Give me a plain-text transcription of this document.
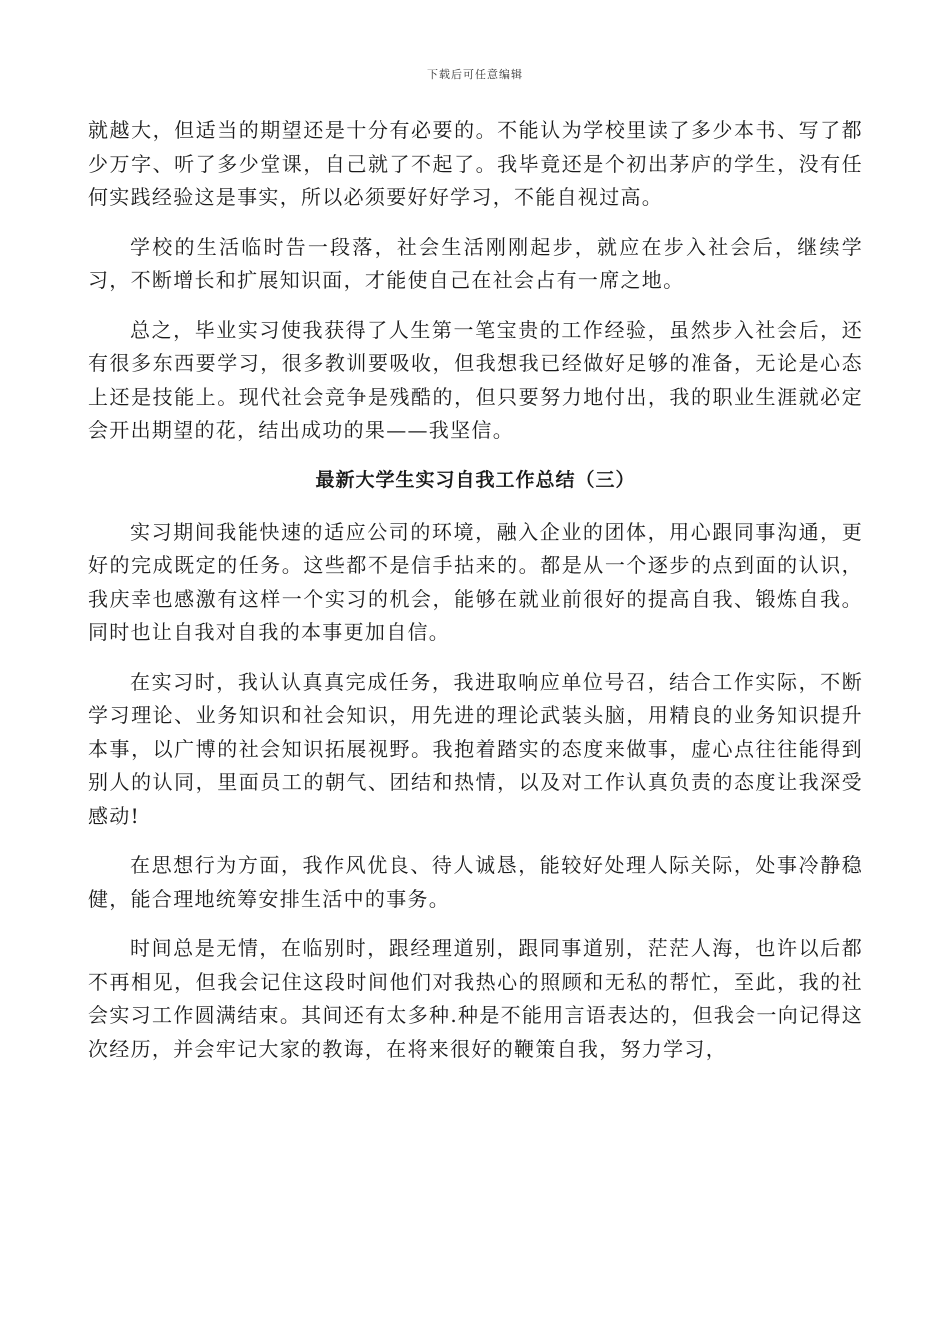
下载后可任意编辑

就越大，但适当的期望还是十分有必要的。不能认为学校里读了多少本书、写了都少万字、听了多少堂课，自己就了不起了。我毕竟还是个初出茅庐的学生，没有任何实践经验这是事实，所以必须要好好学习，不能自视过高。

学校的生活临时告一段落，社会生活刚刚起步，就应在步入社会后，继续学习，不断增长和扩展知识面，才能使自己在社会占有一席之地。

总之，毕业实习使我获得了人生第一笔宝贵的工作经验，虽然步入社会后，还有很多东西要学习，很多教训要吸收，但我想我已经做好足够的准备，无论是心态上还是技能上。现代社会竞争是残酷的，但只要努力地付出，我的职业生涯就必定会开出期望的花，结出成功的果——我坚信。

最新大学生实习自我工作总结（三）

实习期间我能快速的适应公司的环境，融入企业的团体，用心跟同事沟通，更好的完成既定的任务。这些都不是信手拈来的。都是从一个逐步的点到面的认识，我庆幸也感激有这样一个实习的机会，能够在就业前很好的提高自我、锻炼自我。同时也让自我对自我的本事更加自信。

在实习时，我认认真真完成任务，我进取响应单位号召，结合工作实际，不断学习理论、业务知识和社会知识，用先进的理论武装头脑，用精良的业务知识提升本事，以广博的社会知识拓展视野。我抱着踏实的态度来做事，虚心点往往能得到别人的认同，里面员工的朝气、团结和热情，以及对工作认真负责的态度让我深受感动!

在思想行为方面，我作风优良、待人诚恳，能较好处理人际关际，处事冷静稳健，能合理地统筹安排生活中的事务。

时间总是无情，在临别时，跟经理道别，跟同事道别，茫茫人海，也许以后都不再相见，但我会记住这段时间他们对我热心的照顾和无私的帮忙，至此，我的社会实习工作圆满结束。其间还有太多种.种是不能用言语表达的，但我会一向记得这次经历，并会牢记大家的教诲，在将来很好的鞭策自我，努力学习，
